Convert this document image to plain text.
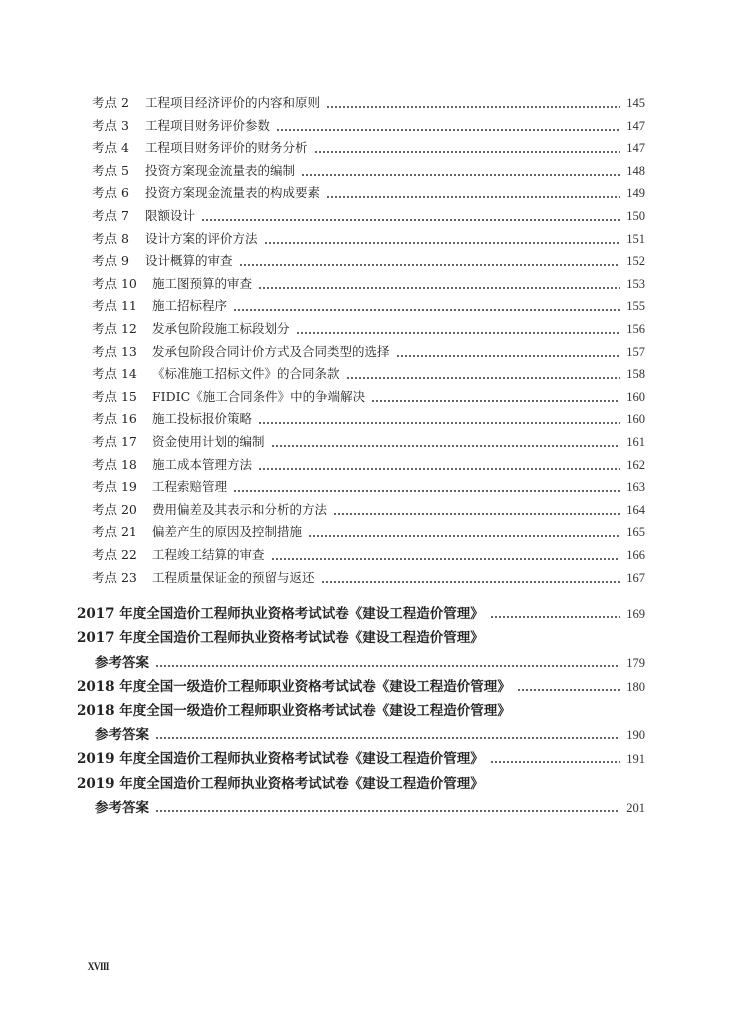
考点 2	工程项目经济评价的内容和原则	145
考点 3	工程项目财务评价参数	147
考点 4	工程项目财务评价的财务分析	147
考点 5	投资方案现金流量表的编制	148
考点 6	投资方案现金流量表的构成要素	149
考点 7	限额设计	150
考点 8	设计方案的评价方法	151
考点 9	设计概算的审查	152
考点 10	施工图预算的审查	153
考点 11	施工招标程序	155
考点 12	发承包阶段施工标段划分	156
考点 13	发承包阶段合同计价方式及合同类型的选择	157
考点 14	《标准施工招标文件》的合同条款	158
考点 15	FIDIC《施工合同条件》中的争端解决	160
考点 16	施工投标报价策略	160
考点 17	资金使用计划的编制	161
考点 18	施工成本管理方法	162
考点 19	工程索赔管理	163
考点 20	费用偏差及其表示和分析的方法	164
考点 21	偏差产生的原因及控制措施	165
考点 22	工程竣工结算的审查	166
考点 23	工程质量保证金的预留与返还	167
2017 年度全国造价工程师执业资格考试试卷《建设工程造价管理》	169
2017 年度全国造价工程师执业资格考试试卷《建设工程造价管理》
参考答案	179
2018 年度全国一级造价工程师职业资格考试试卷《建设工程造价管理》	180
2018 年度全国一级造价工程师职业资格考试试卷《建设工程造价管理》
参考答案	190
2019 年度全国造价工程师执业资格考试试卷《建设工程造价管理》	191
2019 年度全国造价工程师执业资格考试试卷《建设工程造价管理》
参考答案	201
XVIII
